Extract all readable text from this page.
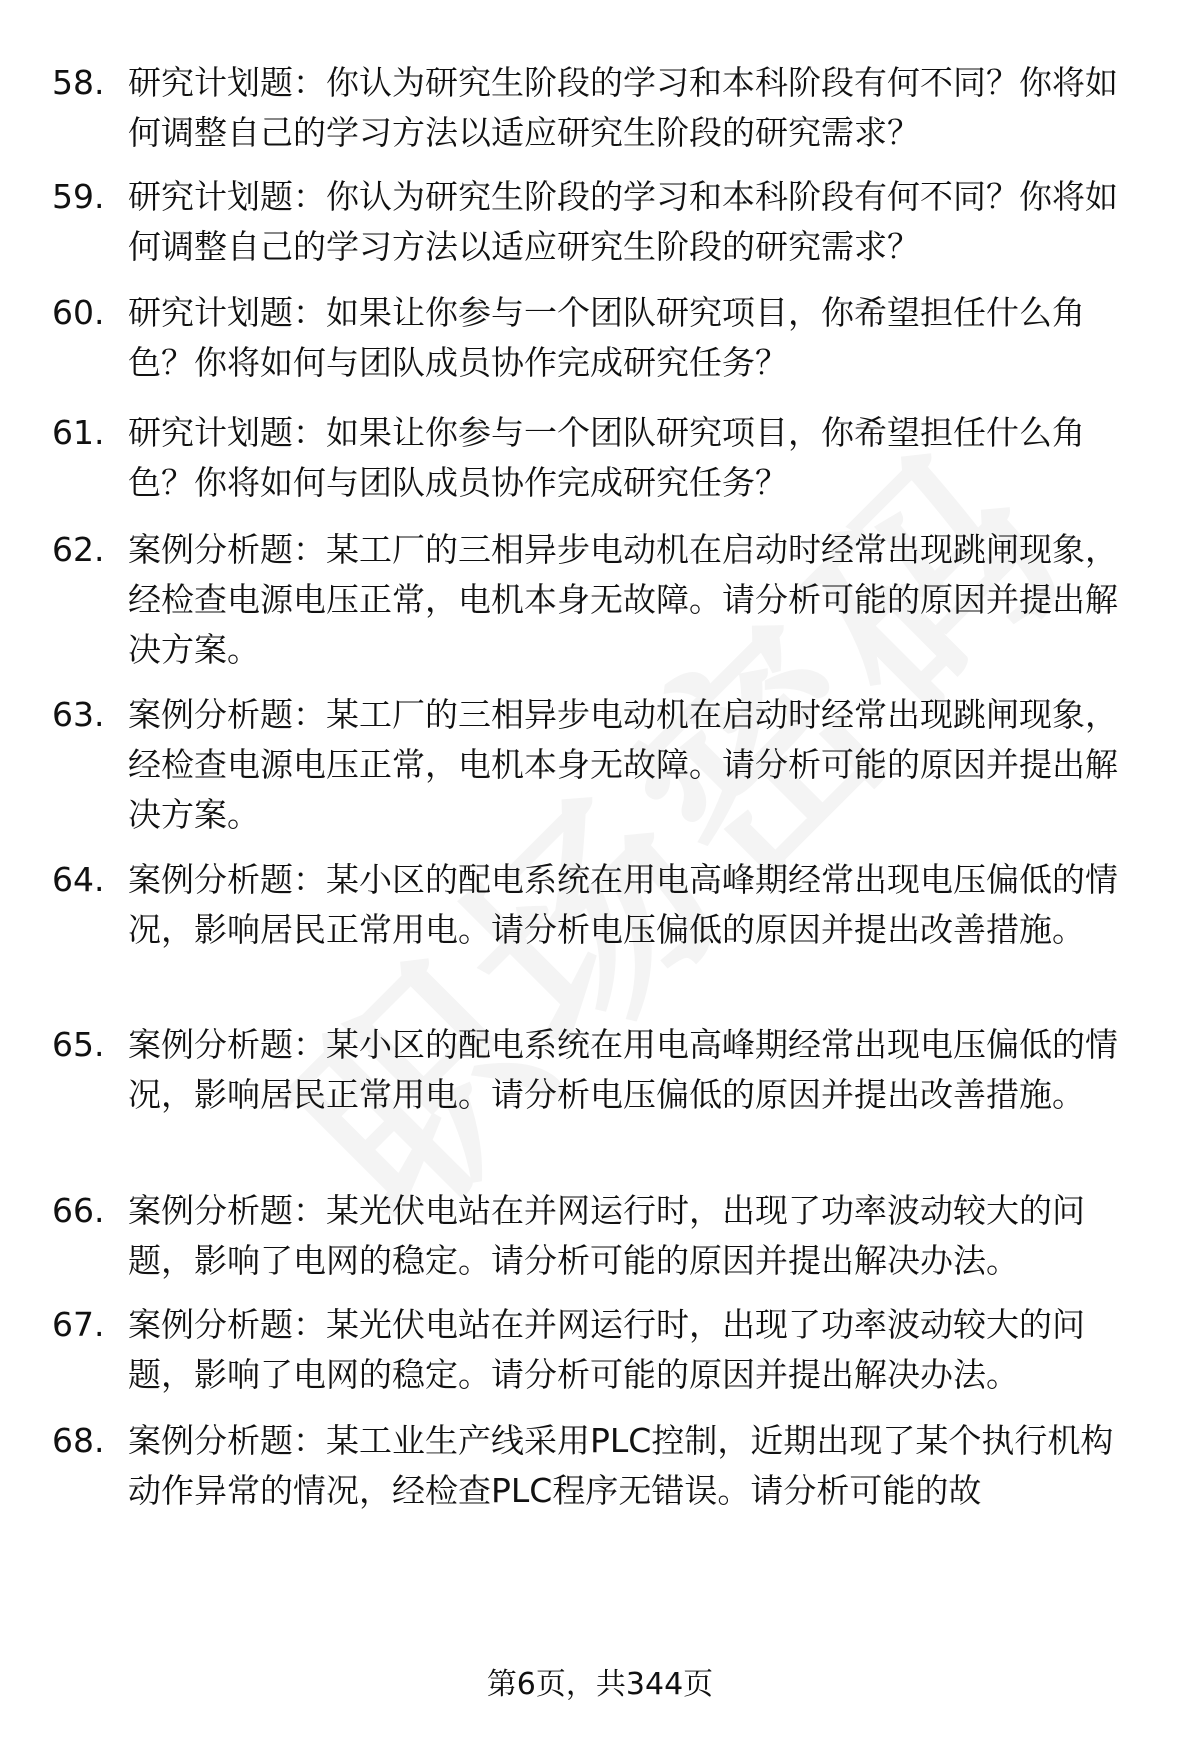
58. 研究计划题：你认为研究生阶段的学习和本科阶段有何不同？你将如何调整自己的学习方法以适应研究生阶段的研究需求？
59. 研究计划题：你认为研究生阶段的学习和本科阶段有何不同？你将如何调整自己的学习方法以适应研究生阶段的研究需求？
60. 研究计划题：如果让你参与一个团队研究项目，你希望担任什么角色？你将如何与团队成员协作完成研究任务？
61. 研究计划题：如果让你参与一个团队研究项目，你希望担任什么角色？你将如何与团队成员协作完成研究任务？
62. 案例分析题：某工厂的三相异步电动机在启动时经常出现跳闸现象，经检查电源电压正常，电机本身无故障。请分析可能的原因并提出解决方案。
63. 案例分析题：某工厂的三相异步电动机在启动时经常出现跳闸现象，经检查电源电压正常，电机本身无故障。请分析可能的原因并提出解决方案。
64. 案例分析题：某小区的配电系统在用电高峰期经常出现电压偏低的情况，影响居民正常用电。请分析电压偏低的原因并提出改善措施。
65. 案例分析题：某小区的配电系统在用电高峰期经常出现电压偏低的情况，影响居民正常用电。请分析电压偏低的原因并提出改善措施。
66. 案例分析题：某光伏电站在并网运行时，出现了功率波动较大的问题，影响了电网的稳定。请分析可能的原因并提出解决办法。
67. 案例分析题：某光伏电站在并网运行时，出现了功率波动较大的问题，影响了电网的稳定。请分析可能的原因并提出解决办法。
68. 案例分析题：某工业生产线采用PLC控制，近期出现了某个执行机构动作异常的情况，经检查PLC程序无错误。请分析可能的故
第6页，共344页
